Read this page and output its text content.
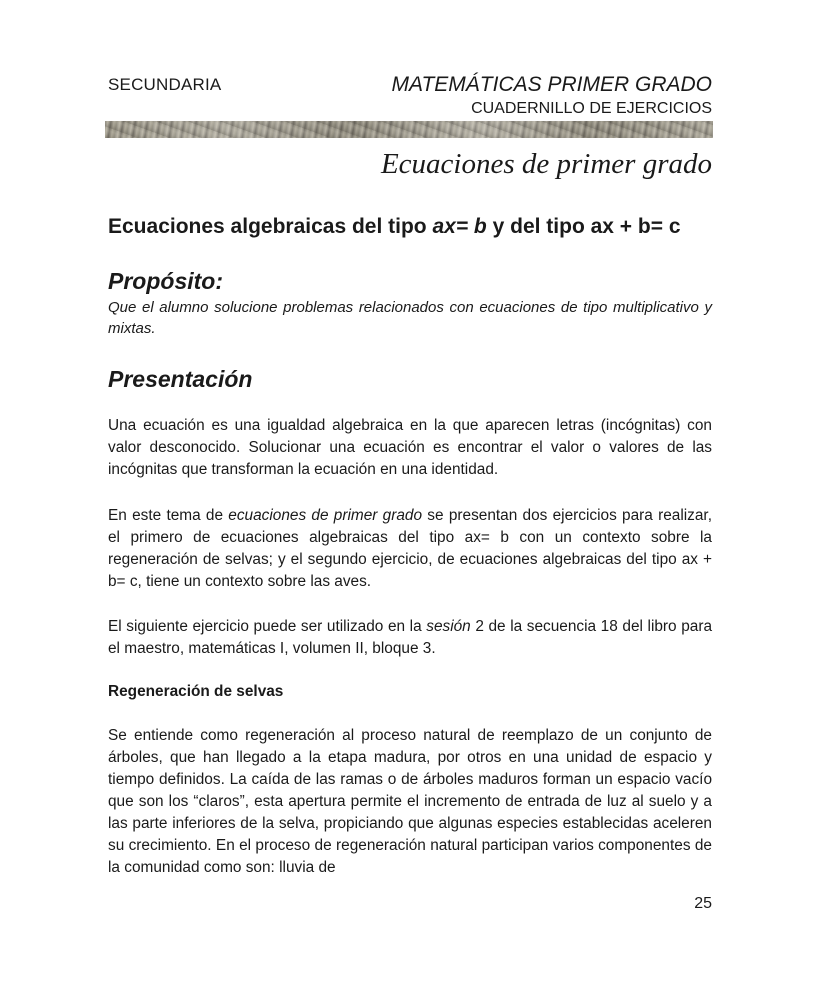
SECUNDARIA	MATEMÁTICAS PRIMER GRADO
CUADERNILLO DE EJERCICIOS
Ecuaciones de primer grado
Ecuaciones algebraicas del tipo ax= b y del tipo ax + b= c
Propósito:
Que el alumno solucione problemas relacionados con ecuaciones de tipo multiplicativo y mixtas.
Presentación
Una ecuación es una igualdad algebraica en la que aparecen letras (incógnitas) con valor desconocido. Solucionar una ecuación es encontrar el valor o valores de las incógnitas que transforman la ecuación en una identidad.
En este tema de ecuaciones de primer grado se presentan dos ejercicios para realizar, el primero de ecuaciones algebraicas del tipo ax= b con un contexto sobre la regeneración de selvas; y el segundo ejercicio, de ecuaciones algebraicas del tipo ax + b= c, tiene un contexto sobre las aves.
El siguiente ejercicio puede ser utilizado en la sesión 2 de la secuencia 18 del libro para el maestro, matemáticas I, volumen II, bloque 3.
Regeneración de selvas
Se entiende como regeneración al proceso natural de reemplazo de un conjunto de árboles, que han llegado a la etapa madura, por otros en una unidad de espacio y tiempo definidos. La caída de las ramas o de árboles maduros forman un espacio vacío que son los “claros”, esta apertura permite el incremento de entrada de luz al suelo y a las parte inferiores de la selva, propiciando que algunas especies establecidas aceleren su crecimiento. En el proceso de regeneración natural participan varios componentes de la comunidad como son: lluvia de
25
